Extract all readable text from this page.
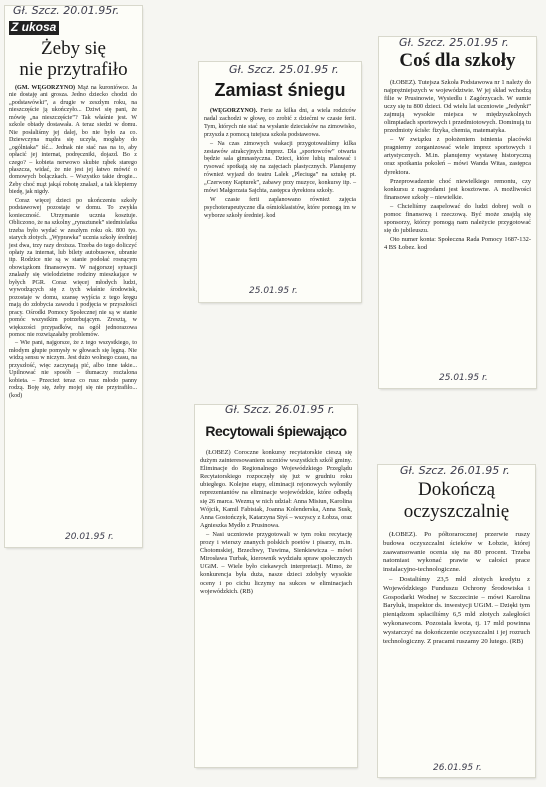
Gł. Szcz. 20.01.95r.
Z ukosa
Żeby się
nie przytrafiło

(GM. WĘGORZYNO) Mąż na kuroniówce. Ja nie dostaję ani grosza. Jedno dziecko chodzi do „podstawówki”, a drugie w zeszłym roku, na nieszczęście ją ukończyło... Dziwi się pani, że mówię „na nieszczęście”? Tak właśnie jest. W szkole obiady dostawała. A teraz siedzi w domu. Nie posłaliśmy jej dalej, bo nie było za co. Dziewczyna mądra się uczyła, mogłaby do „ogólniaka” iść... Jednak nie stać nas na to, aby opłacić jej internat, podręczniki, dojazd. Bo z czego? – kobieta nerwowo skubie rąbek starego płaszcza, widać, że nie jest jej łatwo mówić o domowych bolączkach. – Wszystko takie drogie... Żeby choć mąż jakąś robotę znalazł, a tak klepiemy biedę, jak nigdy.

Coraz więcej dzieci po ukończeniu szkoły podstawowej pozostaje w domu. To zwykła konieczność. Utrzymanie ucznia kosztuje. Obliczono, że na szkolny „rynsztunek” siedmiolatka trzeba było wydać w zeszłym roku ok. 800 tys. starych złotych. „Wyprawka” ucznia szkoły średniej jest dwa, trzy razy droższa. Trzeba do tego doliczyć opłaty za internat, lub bilety autobusowe, ubranie itp. Rodzice nie są w stanie podołać rosnącym obowiązkom finansowym. W najgorszej sytuacji znalazły się wielodzietne rodziny mieszkające w byłych PGR. Coraz więcej młodych ludzi, wywodzących się z tych właśnie środowisk, pozostaje w domu, szansę wyjścia z tego kręgu mają do zdobycia zawodu i podjęcia w przyszłości pracy. Ośrodki Pomocy Społecznej nie są w stanie pomóc wszystkim potrzebującym. Zresztą, w większości przypadków, na ogół jednorazowa pomoc nie rozwiązałaby problemów.

– Wie pani, najgorsze, że z tego wszystkiego, to młodym głupie pomysły w głowach się lęgną. Nie widzą sensu w niczym. Jest dużo wolnego czasu, na przyszłość, więc zaczynają pić, albo inne takie... Upilnować nie sposób – tłumaczy rozżalona kobieta. – Przecież teraz co rusz młodo panny rodzą. Boję się, żeby mojej się nie przytrafiło... (kod)

20.01.95 r.
Gł. Szcz. 25.01.95 r.
Zamiast śniegu

(WĘGORZYNO). Ferie za kilka dni, a wiela rodziców nadal zachodzi w głowę, co zrobić z dziećmi w czasie ferii. Tym, których nie stać na wysłanie dzieciaków na zimowisko, przyszła z pomocą tutejsza szkoła podstawowa.

– Na czas zimowych wakacji przygotowaliśmy kilka zestawów atrakcyjnych imprez. Dla „sportowców” otwarta będzie sala gimnastyczna. Dzieci, które lubią malować i rysować spotkają się na zajęciach plastycznych. Planujemy również wyjazd do teatru Lalek „Pleciuga” na sztukę pt. „Czerwony Kapturek”, zabawy przy muzyce, konkursy itp. – mówi Małgorzata Sajchta, zastępca dyrektora szkoły.

W czasie ferii zaplanowano również zajęcia psychoterapeutyczne dla ośmioklasistów, które pomogą im w wyborze szkoły średniej. kod

25.01.95 r.
Gł. Szcz. 25.01.95 r.
Coś dla szkoły

(ŁOBEZ). Tutejsza Szkoła Podstawowa nr 1 należy do najprężniejszych w województwie. W jej skład wchodzą filie w Prusinowie, Wysiedlu i Zagórzycach. W sumie uczy się tu 800 dzieci. Od wielu lat uczniowie „Jedynki” zajmują wysokie miejsca w międzyszkolnych olimpiadach sportowych i przedmiotowych. Dominują tu przedmioty ścisłe: fizyka, chemia, matematyka.

– W związku z położeniem istnienia placówki pragniemy zorganizować wiele imprez sportowych i artystycznych. M.in. planujemy wystawę historyczną oraz spotkania pokoleń – mówi Wanda Witas, zastępca dyrektora.

Przeprowadzenie choć niewielkiego remontu, czy konkursu z nagrodami jest kosztowne. A możliwości finansowe szkoły – niewielkie.

– Chcieliśmy zaapelować do ludzi dobrej woli o pomoc finansową i rzeczową. Być może znajdą się sponsorzy, którzy pomogą nam należycie przygotować się do jubileuszu.

Oto numer konta: Społeczna Rada Pomocy 1687-132-4 BS Łobez. kod

25.01.95 r.
Gł. Szcz. 26.01.95 r.
Recytowali śpiewająco

(ŁOBEZ) Coroczne konkursy recytatorskie cieszą się dużym zainteresowaniem uczniów wszystkich szkół gminy. Eliminacje do Regionalnego Wojewódzkiego Przeglądu Recytatorskiego rozpoczęły się już w grudniu roku ubiegłego. Kolejne etapy, eliminacji rejonowych wyłoniły reprezentantów na eliminacje wojewódzkie, które odbędą się 26 marca. Wezmą w nich udział: Anna Misiun, Karolina Wójcik, Kamil Fabisiak, Joanna Kolenderska, Anna Susk, Anna Gostończyk, Katarzyna Styś – wszyscy z Łobza, oraz Agnieszka Mydło z Prusinowa.

– Nasi uczniowie przygotowali w tym roku recytację prozy i wierszy znanych polskich poetów i pisarzy, m.in. Chotomskiej, Brzechwy, Tuwima, Sienkiewicza – mówi Mirosława Turbak, kierownik wydziału spraw społecznych UGiM. – Wiele było ciekawych interpretacji. Mimo, że konkurencja była duża, nasze dzieci zdobyły wysokie oceny i po cichu liczymy na sukces w eliminacjach wojewódzkich. (RB)

Gł. Szcz. 26.01.95 r.
Dokończą
oczyszczalnię

(ŁOBEZ). Po półtorarocznej przerwie ruszy budowa oczyszczalni ścieków w Łobzie, której zaawansowanie ocenia się na 80 procent. Trzeba natomiast wykonać prawie w całości prace instalacyjno-technologiczne.

– Dostaliśmy 23,5 mld złotych kredytu z Wojewódzkiego Funduszu Ochrony Środowiska i Gospodarki Wodnej w Szczecinie – mówi Karolina Baryluk, inspektor ds. inwestycji UGiM. – Dzięki tym pieniądzom spłaciliśmy 6,5 mld złotych zaległości wykonawcom. Pozostała kwota, tj. 17 mld powinna wystarczyć na dokończenie oczyszczalni i jej rozruch technologiczny. Z pracami ruszamy 20 lutego. (RB)

26.01.95 r.
